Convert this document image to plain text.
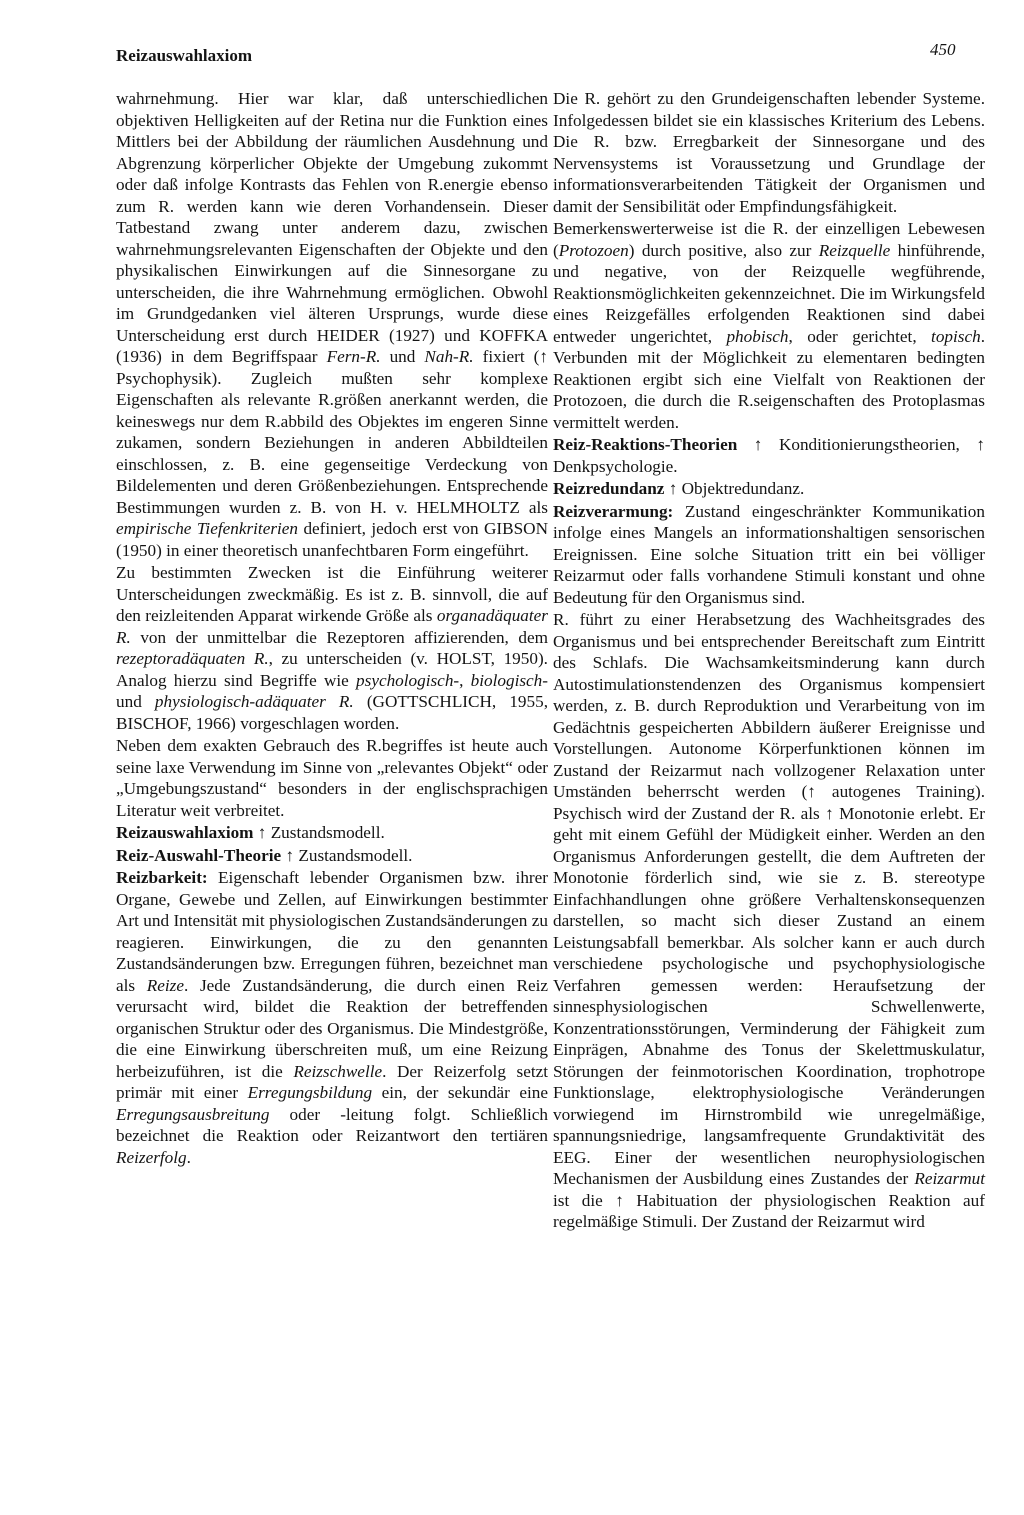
Reizauswahlaxiom	450

wahrnehmung. Hier war klar, daß unterschiedlichen objektiven Helligkeiten auf der Retina nur die Funktion eines Mittlers bei der Abbildung der räumlichen Ausdehnung und Abgrenzung körperlicher Objekte der Umgebung zukommt oder daß infolge Kontrasts das Fehlen von R.energie ebenso zum R. werden kann wie deren Vorhandensein. Dieser Tatbestand zwang unter anderem dazu, zwischen wahrnehmungsrelevanten Eigenschaften der Objekte und den physikalischen Einwirkungen auf die Sinnesorgane zu unterscheiden, die ihre Wahrnehmung ermöglichen. Obwohl im Grundgedanken viel älteren Ursprungs, wurde diese Unterscheidung erst durch HEIDER (1927) und KOFFKA (1936) in dem Begriffspaar Fern-R. und Nah-R. fixiert (↑ Psychophysik). Zugleich mußten sehr komplexe Eigenschaften als relevante R.größen anerkannt werden, die keineswegs nur dem R.abbild des Objektes im engeren Sinne zukamen, sondern Beziehungen in anderen Abbildteilen einschlossen, z. B. eine gegenseitige Verdeckung von Bildelementen und deren Größenbeziehungen. Entsprechende Bestimmungen wurden z. B. von H. v. HELMHOLTZ als empirische Tiefenkriterien definiert, jedoch erst von GIBSON (1950) in einer theoretisch unanfechtbaren Form eingeführt.

Zu bestimmten Zwecken ist die Einführung weiterer Unterscheidungen zweckmäßig. Es ist z. B. sinnvoll, die auf den reizleitenden Apparat wirkende Größe als organadäquater R. von der unmittelbar die Rezeptoren affizierenden, dem rezeptoradäquaten R., zu unterscheiden (v. HOLST, 1950). Analog hierzu sind Begriffe wie psychologisch-, biologisch- und physiologisch-adäquater R. (GOTTSCHLICH, 1955, BISCHOF, 1966) vorgeschlagen worden.

Neben dem exakten Gebrauch des R.begriffes ist heute auch seine laxe Verwendung im Sinne von „relevantes Objekt“ oder „Umgebungszustand“ besonders in der englischsprachigen Literatur weit verbreitet.

Reizauswahlaxiom ↑ Zustandsmodell.

Reiz-Auswahl-Theorie ↑ Zustandsmodell.

Reizbarkeit: Eigenschaft lebender Organismen bzw. ihrer Organe, Gewebe und Zellen, auf Einwirkungen bestimmter Art und Intensität mit physiologischen Zustandsänderungen zu reagieren. Einwirkungen, die zu den genannten Zustandsänderungen bzw. Erregungen führen, bezeichnet man als Reize. Jede Zustandsänderung, die durch einen Reiz verursacht wird, bildet die Reaktion der betreffenden organischen Struktur oder des Organismus. Die Mindestgröße, die eine Einwirkung überschreiten muß, um eine Reizung herbeizuführen, ist die Reizschwelle. Der Reizerfolg setzt primär mit einer Erregungsbildung ein, der sekundär eine Erregungsausbreitung oder -leitung folgt. Schließlich bezeichnet die Reaktion oder Reizantwort den tertiären Reizerfolg.

Die R. gehört zu den Grundeigenschaften lebender Systeme. Infolgedessen bildet sie ein klassisches Kriterium des Lebens. Die R. bzw. Erregbarkeit der Sinnesorgane und des Nervensystems ist Voraussetzung und Grundlage der informationsverarbeitenden Tätigkeit der Organismen und damit der Sensibilität oder Empfindungsfähigkeit.

Bemerkenswerterweise ist die R. der einzelligen Lebewesen (Protozoen) durch positive, also zur Reizquelle hinführende, und negative, von der Reizquelle wegführende, Reaktionsmöglichkeiten gekennzeichnet. Die im Wirkungsfeld eines Reizgefälles erfolgenden Reaktionen sind dabei entweder ungerichtet, phobisch, oder gerichtet, topisch. Verbunden mit der Möglichkeit zu elementaren bedingten Reaktionen ergibt sich eine Vielfalt von Reaktionen der Protozoen, die durch die R.seigenschaften des Protoplasmas vermittelt werden.

Reiz-Reaktions-Theorien ↑ Konditionierungstheorien, ↑ Denkpsychologie.

Reizredundanz ↑ Objektredundanz.

Reizverarmung: Zustand eingeschränkter Kommunikation infolge eines Mangels an informationshaltigen sensorischen Ereignissen. Eine solche Situation tritt ein bei völliger Reizarmut oder falls vorhandene Stimuli konstant und ohne Bedeutung für den Organismus sind.

R. führt zu einer Herabsetzung des Wachheitsgrades des Organismus und bei entsprechender Bereitschaft zum Eintritt des Schlafs. Die Wachsamkeitsminderung kann durch Autostimulationstendenzen des Organismus kompensiert werden, z. B. durch Reproduktion und Verarbeitung von im Gedächtnis gespeicherten Abbildern äußerer Ereignisse und Vorstellungen. Autonome Körperfunktionen können im Zustand der Reizarmut nach vollzogener Relaxation unter Umständen beherrscht werden (↑ autogenes Training). Psychisch wird der Zustand der R. als ↑ Monotonie erlebt. Er geht mit einem Gefühl der Müdigkeit einher. Werden an den Organismus Anforderungen gestellt, die dem Auftreten der Monotonie förderlich sind, wie sie z. B. stereotype Einfachhandlungen ohne größere Verhaltenskonsequenzen darstellen, so macht sich dieser Zustand an einem Leistungsabfall bemerkbar. Als solcher kann er auch durch verschiedene psychologische und psychophysiologische Verfahren gemessen werden: Heraufsetzung der sinnesphysiologischen Schwellenwerte, Konzentrationsstörungen, Verminderung der Fähigkeit zum Einprägen, Abnahme des Tonus der Skelettmuskulatur, Störungen der feinmotorischen Koordination, trophotrope Funktionslage, elektrophysiologische Veränderungen vorwiegend im Hirnstrombild wie unregelmäßige, spannungsniedrige, langsamfrequente Grundaktivität des EEG. Einer der wesentlichen neurophysiologischen Mechanismen der Ausbildung eines Zustandes der Reizarmut ist die ↑ Habituation der physiologischen Reaktion auf regelmäßige Stimuli. Der Zustand der Reizarmut wird
